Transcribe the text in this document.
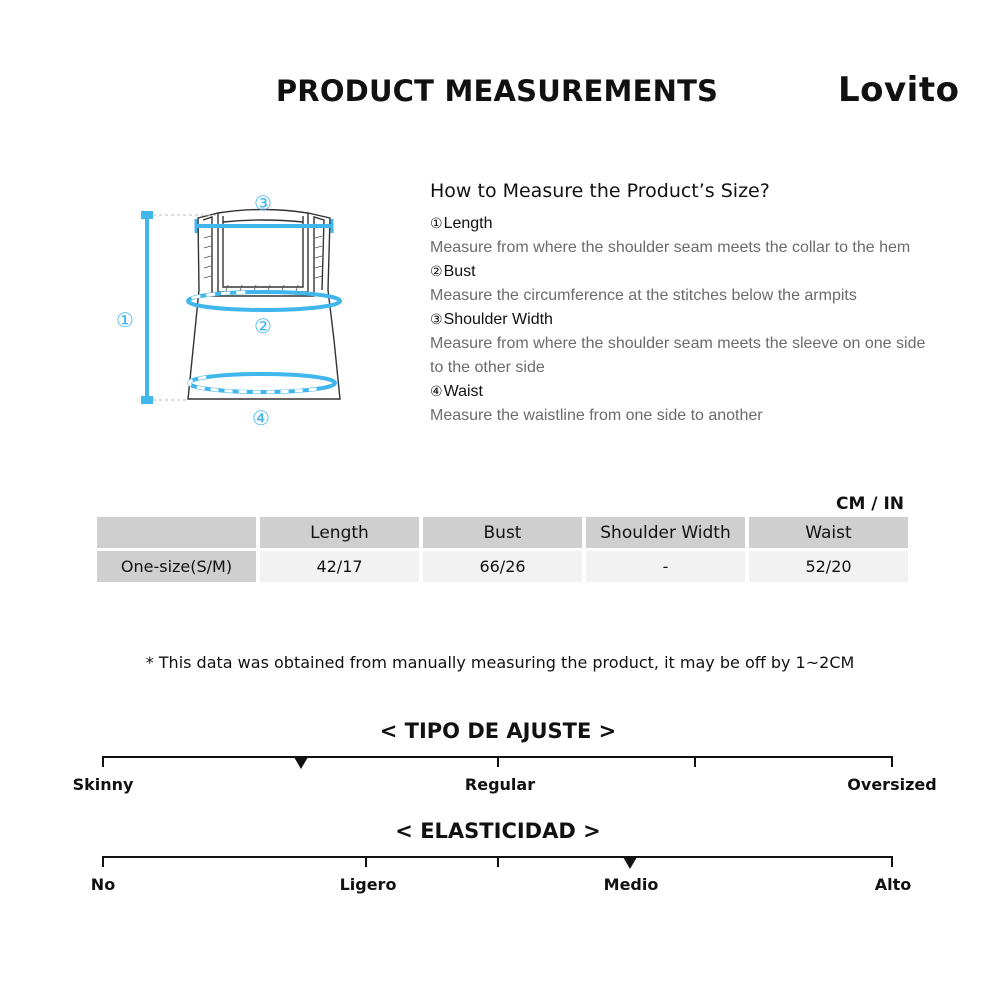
PRODUCT MEASUREMENTS	Lovito
①	②
③
④
How to Measure the Product’s Size?
①Length
Measure from where the shoulder seam meets the collar to the hem
②Bust
Measure the circumference at the stitches below the armpits
③Shoulder Width
Measure from where the shoulder seam meets the sleeve on one side to the other side
④Waist
Measure the waistline from one side to another
CM / IN
	Length	Bust	Shoulder Width	Waist
One-size(S/M)	42/17	66/26	-	52/20
* This data was obtained from manually measuring the product, it may be off by 1~2CM
< TIPO DE AJUSTE >
Skinny	Regular	Oversized
< ELASTICIDAD >
No	Ligero	Medio	Alto
